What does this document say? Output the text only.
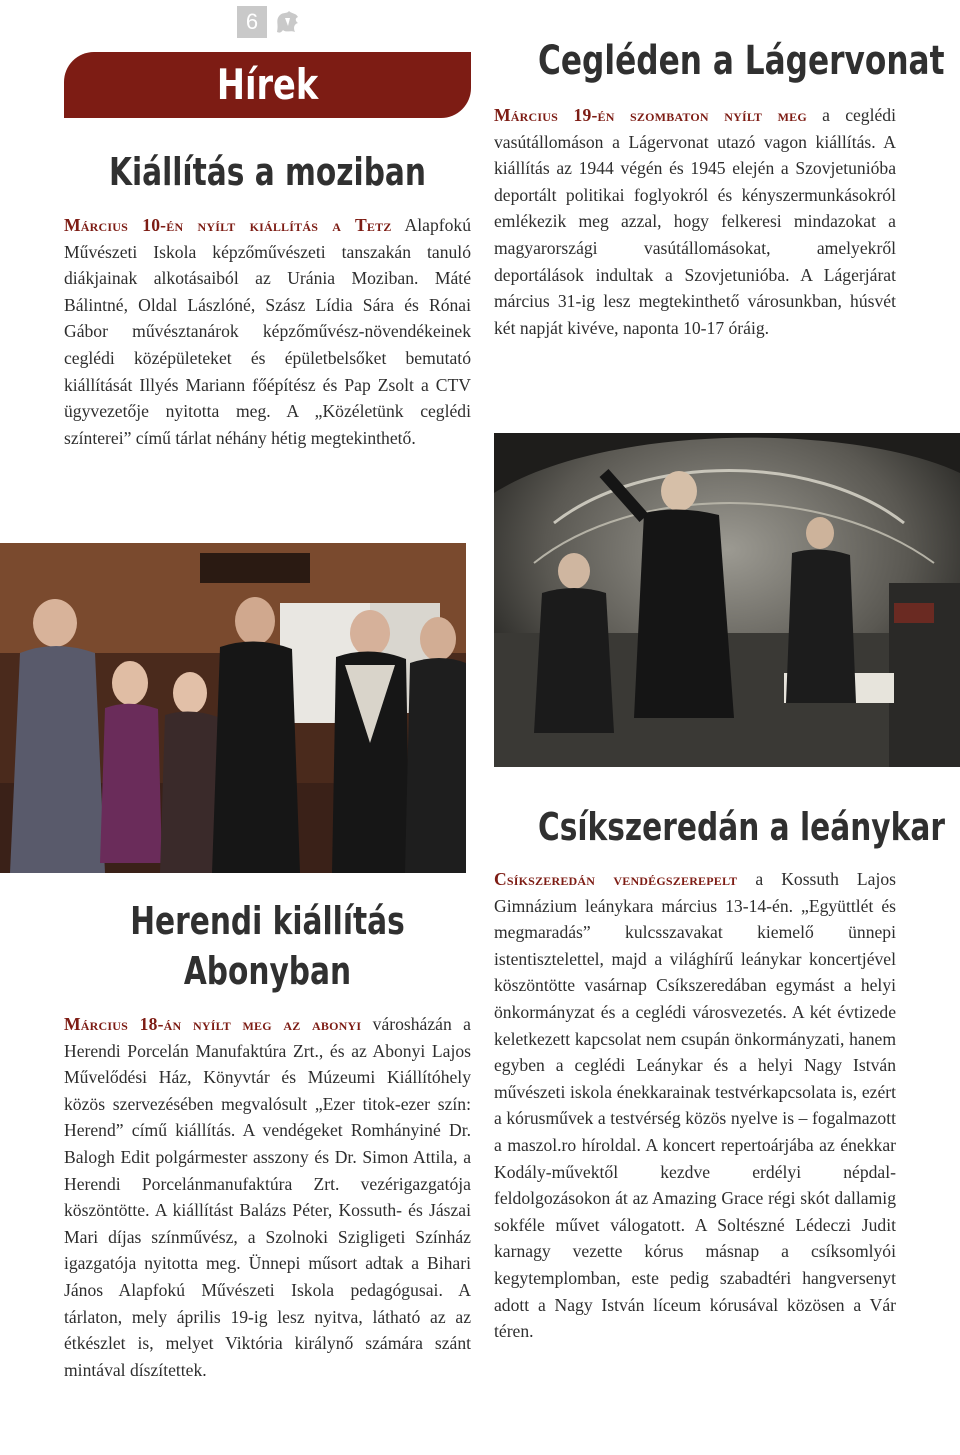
6
Hírek
Kiállítás a moziban
Március 10-én nyílt kiállítás a Tetz Alapfokú Művészeti Iskola képzőművészeti tanszakán tanuló diákjainak alkotásaiból az Uránia Moziban. Máté Bálintné, Oldal Lászlóné, Szász Lídia Sára és Rónai Gábor művésztanárok képzőművész-növendékeinek ceglédi középületeket és épületbelsőket bemutató kiállítását Illyés Mariann főépítész és Pap Zsolt a CTV ügyvezetője nyitotta meg. A „Közéletünk ceglédi színterei” című tárlat néhány hétig megtekinthető.
Cegléden a Lágervonat
Március 19-én szombaton nyílt meg a ceglédi vasútállomáson a Lágervonat utazó vagon kiállítás. A kiállítás az 1944 végén és 1945 elején a Szovjetunióba deportált politikai foglyokról és kényszermunkásokról emlékezik meg azzal, hogy felkeresi mindazokat a magyarországi vasútállomásokat, amelyekről deportálások indultak a Szovjetunióba. A Lágerjárat március 31-ig lesz megtekinthető városunkban, húsvét két napját kivéve, naponta 10-17 óráig.
Herendi kiállítás
Abonyban
Március 18-án nyílt meg az abonyi városházán a Herendi Porcelán Manufaktúra Zrt., és az Abonyi Lajos Művelődési Ház, Könyvtár és Múzeumi Kiállítóhely közös szervezésében megvalósult „Ezer titok-ezer szín: Herend” című kiállítás. A vendégeket Romhányiné Dr. Balogh Edit polgármester asszony és Dr. Simon Attila, a Herendi Porcelánmanufaktúra Zrt. vezérigazgatója köszöntötte. A kiállítást Balázs Péter, Kossuth- és Jászai Mari díjas színművész, a Szolnoki Szigligeti Színház igazgatója nyitotta meg. Ünnepi műsort adtak a Bihari János Alapfokú Művészeti Iskola pedagógusai. A tárlaton, mely április 19-ig lesz nyitva, látható az az étkészlet is, melyet Viktória királynő számára szánt mintával díszítettek.
Csíkszeredán a leánykar
Csíkszeredán vendégszerepelt a Kossuth Lajos Gimnázium leánykara március 13-14-én. „Együttlét és megmaradás” kulcsszavakat kiemelő ünnepi istentisztelettel, majd a világhírű leánykar koncertjével köszöntötte vasárnap Csíkszeredában egymást a helyi önkormányzat és a ceglédi városvezetés. A két évtizede keletkezett kapcsolat nem csupán önkormányzati, hanem egyben a ceglédi Leánykar és a helyi Nagy István művészeti iskola énekkarainak testvérkapcsolata is, ezért a kórusművek a testvérség közös nyelve is – fogalmazott a maszol.ro híroldal. A koncert repertoárjába az énekkar Kodály-művektől kezdve erdélyi népdal-feldolgozásokon át az Amazing Grace régi skót dallamig sokféle művet válogatott. A Soltészné Lédeczi Judit karnagy vezette kórus másnap a csíksomlyói kegytemplomban, este pedig szabadtéri hangversenyt adott a Nagy István líceum kórusával közösen a Vár téren.
